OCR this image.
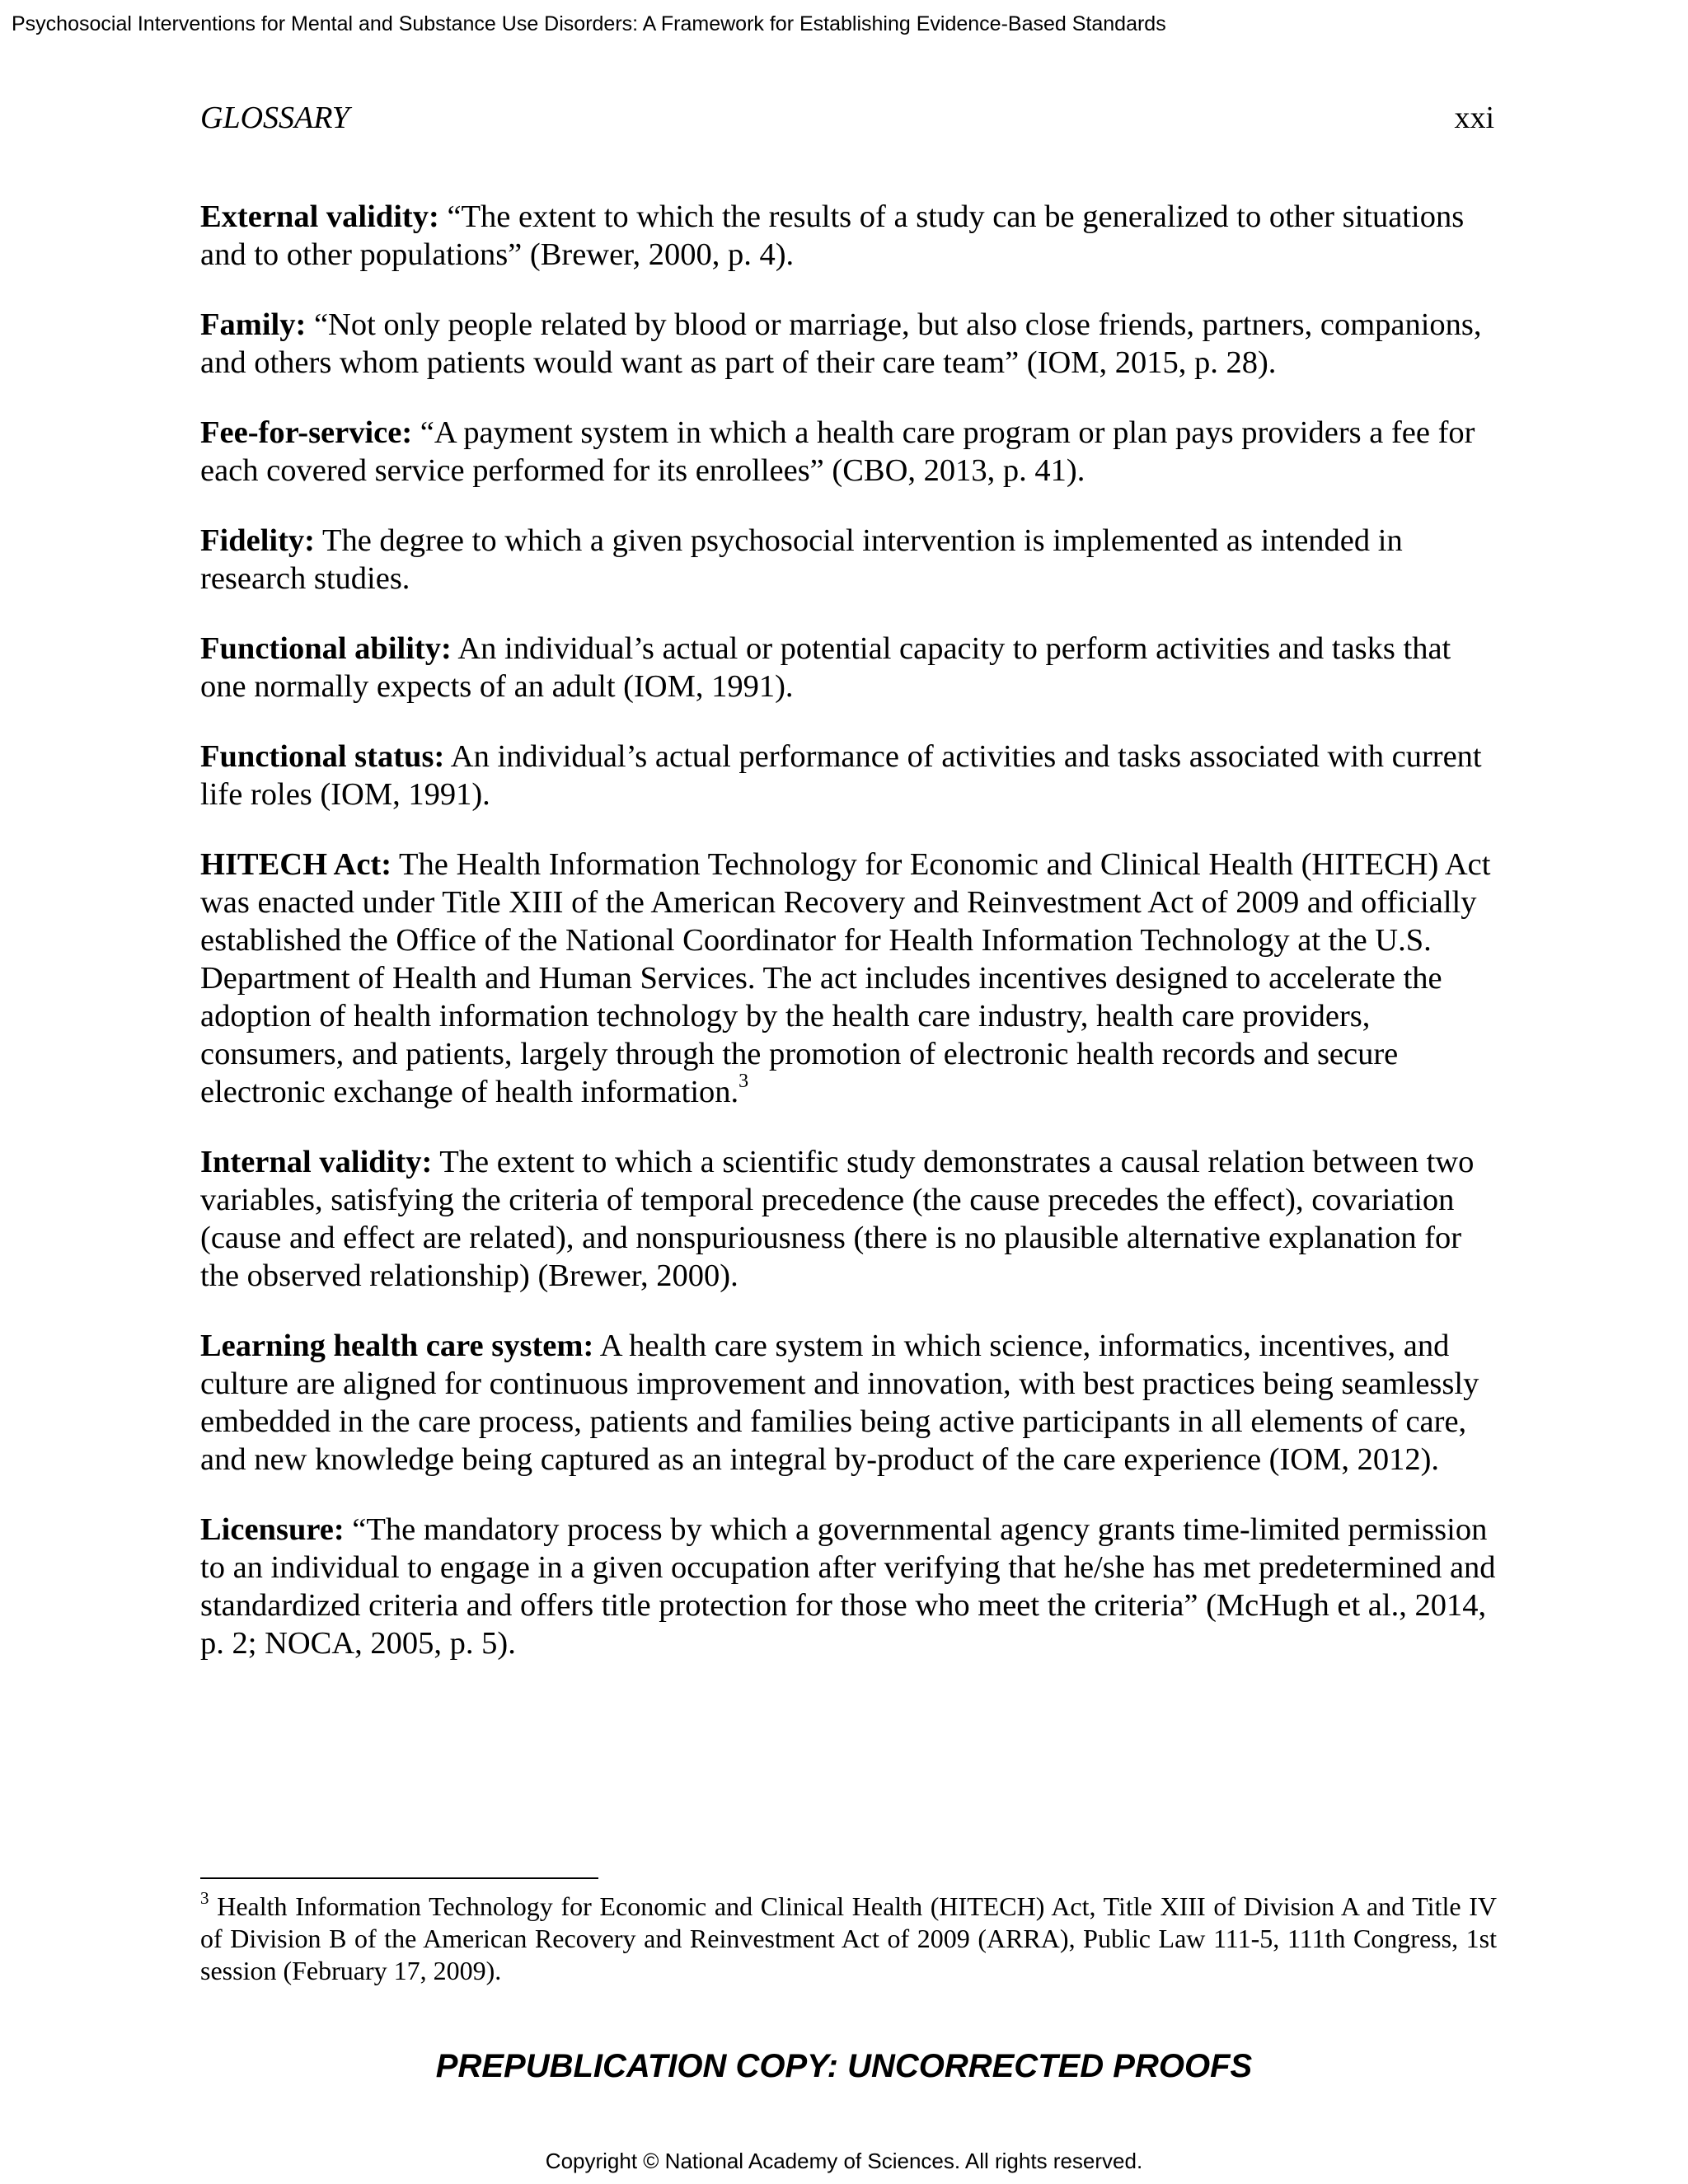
Psychosocial Interventions for Mental and Substance Use Disorders: A Framework for Establishing Evidence-Based Standards
GLOSSARY	xxi

External validity: “The extent to which the results of a study can be generalized to other situations and to other populations” (Brewer, 2000, p. 4).

Family: “Not only people related by blood or marriage, but also close friends, partners, companions, and others whom patients would want as part of their care team” (IOM, 2015, p. 28).

Fee-for-service: “A payment system in which a health care program or plan pays providers a fee for each covered service performed for its enrollees” (CBO, 2013, p. 41).

Fidelity: The degree to which a given psychosocial intervention is implemented as intended in research studies.

Functional ability: An individual’s actual or potential capacity to perform activities and tasks that one normally expects of an adult (IOM, 1991).

Functional status: An individual’s actual performance of activities and tasks associated with current life roles (IOM, 1991).

HITECH Act: The Health Information Technology for Economic and Clinical Health (HITECH) Act was enacted under Title XIII of the American Recovery and Reinvestment Act of 2009 and officially established the Office of the National Coordinator for Health Information Technology at the U.S. Department of Health and Human Services. The act includes incentives designed to accelerate the adoption of health information technology by the health care industry, health care providers, consumers, and patients, largely through the promotion of electronic health records and secure electronic exchange of health information.$^3$

Internal validity: The extent to which a scientific study demonstrates a causal relation between two variables, satisfying the criteria of temporal precedence (the cause precedes the effect), covariation (cause and effect are related), and nonspuriousness (there is no plausible alternative explanation for the observed relationship) (Brewer, 2000).

Learning health care system: A health care system in which science, informatics, incentives, and culture are aligned for continuous improvement and innovation, with best practices being seamlessly embedded in the care process, patients and families being active participants in all elements of care, and new knowledge being captured as an integral by-product of the care experience (IOM, 2012).

Licensure: “The mandatory process by which a governmental agency grants time-limited permission to an individual to engage in a given occupation after verifying that he/she has met predetermined and standardized criteria and offers title protection for those who meet the criteria” (McHugh et al., 2014, p. 2; NOCA, 2005, p. 5).

$^3$ Health Information Technology for Economic and Clinical Health (HITECH) Act, Title XIII of Division A and Title IV of Division B of the American Recovery and Reinvestment Act of 2009 (ARRA), Public Law 111-5, 111th Congress, 1st session (February 17, 2009).
PREPUBLICATION COPY: UNCORRECTED PROOFS
Copyright © National Academy of Sciences. All rights reserved.
